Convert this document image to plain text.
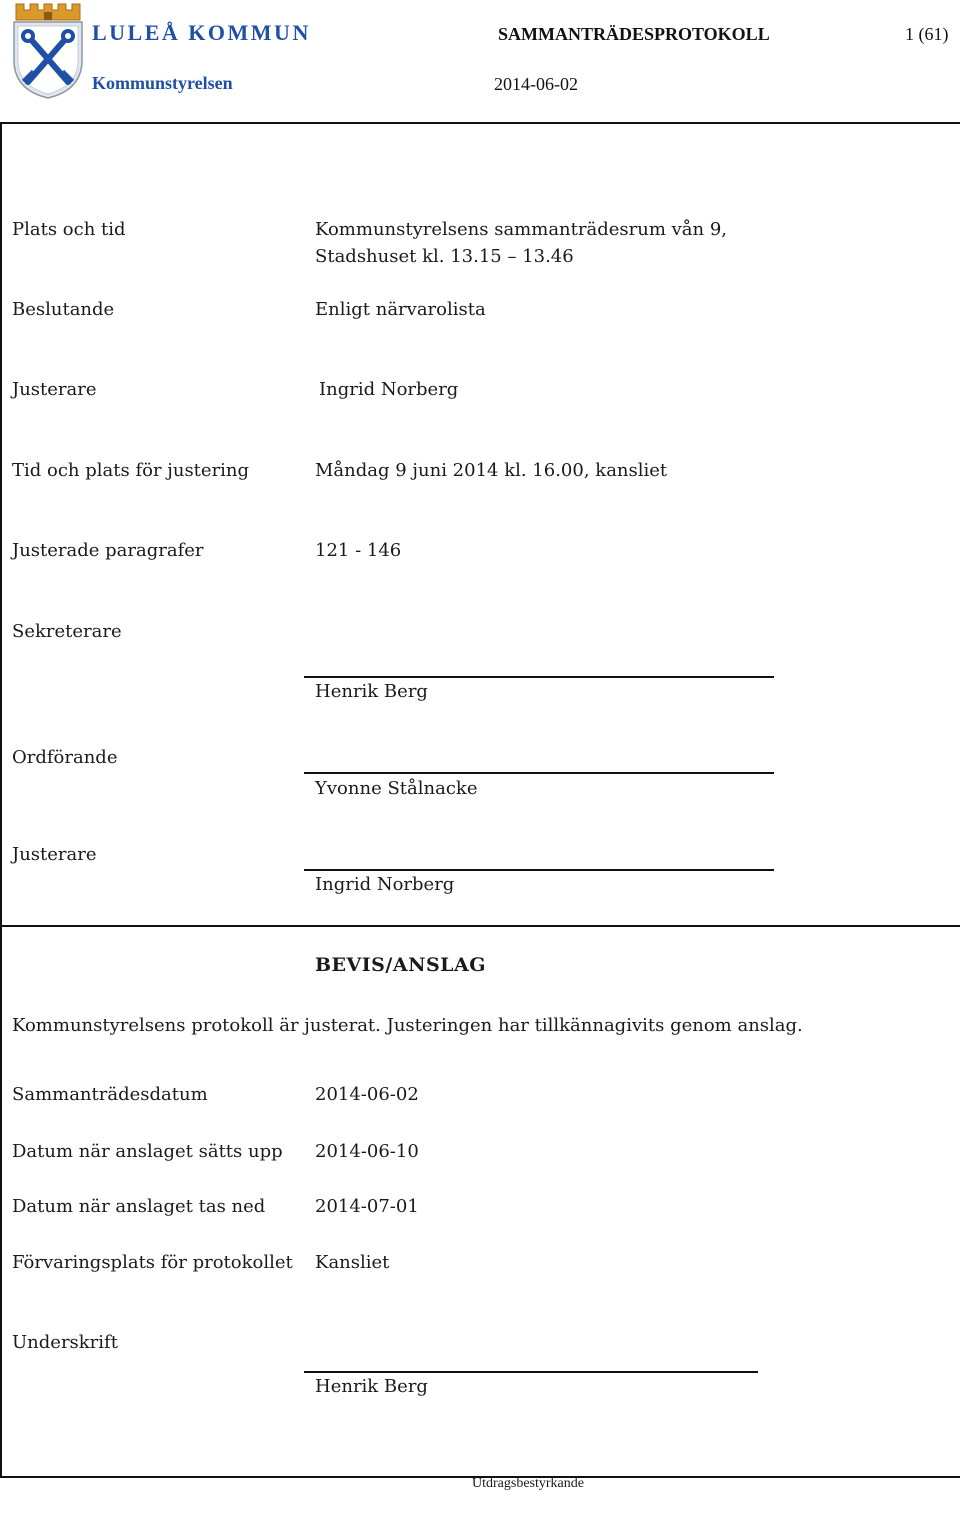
LULEÅ KOMMUN
Kommunstyrelsen
SAMMANTRÄDESPROTOKOLL	1 (61)
2014-06-02
Plats och tid	Kommunstyrelsens sammanträdesrum vån 9,
Stadshuset kl. 13.15 – 13.46
Beslutande	Enligt närvarolista
Justerare	Ingrid Norberg
Tid och plats för justering	Måndag 9 juni 2014 kl. 16.00, kansliet
Justerade paragrafer	121 - 146
Sekreterare
Henrik Berg
Ordförande
Yvonne Stålnacke
Justerare
Ingrid Norberg
BEVIS/ANSLAG
Kommunstyrelsens protokoll är justerat. Justeringen har tillkännagivits genom anslag.
Sammanträdesdatum	2014-06-02
Datum när anslaget sätts upp 2014-06-10
Datum när anslaget tas ned	2014-07-01
Förvaringsplats för protokollet Kansliet
Underskrift
Henrik Berg
Utdragsbestyrkande
